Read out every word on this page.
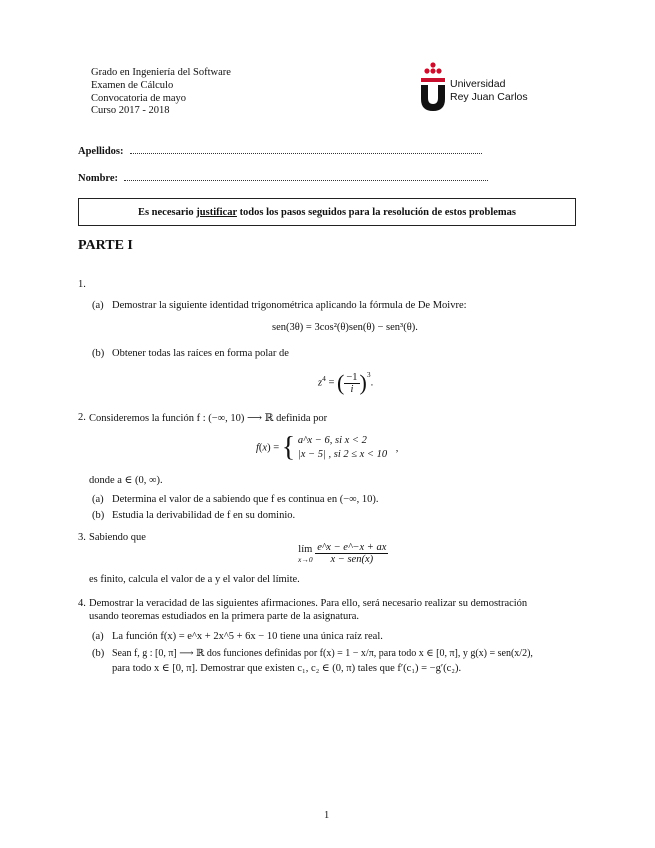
Grado en Ingeniería del Software
Examen de Cálculo
Convocatoria de mayo
Curso 2017 - 2018
Universidad
Rey Juan Carlos
Apellidos:
Nombre:
Es necesario justificar todos los pasos seguidos para la resolución de estos problemas
PARTE I
1.
(a) Demostrar la siguiente identidad trigonométrica aplicando la fórmula de De Moivre:
sen(3θ) = 3cos²(θ)sen(θ) − sen³(θ).
(b) Obtener todas las raíces en forma polar de
$z^4$ = ( $\frac{-1}{i} )^3$.
2. Consideremos la función f : (−∞, 10) ⟶ ℝ definida por
f(x) = { a^x − 6, si x < 2
|x − 5| , si 2 ≤ x < 10
,
donde a ∈ (0, ∞).
(a) Determina el valor de a sabiendo que f es continua en (−∞, 10).
(b) Estudia la derivabilidad de f en su dominio.
3. Sabiendo que
lím
x→0
$\frac{e\^{}x - e\^{}-x + ax}{\text{x − sen(x)}}$
es finito, calcula el valor de a y el valor del límite.
4. Demostrar la veracidad de las siguientes afirmaciones. Para ello, será necesario realizar su demostración
usando teoremas estudiados en la primera parte de la asignatura.
(a) La función f(x) = e^x + 2x^5 + 6x − 10 tiene una única raíz real.
(b) Sean f, g : [0, π] ⟶ ℝ dos funciones definidas por f(x) = 1 − x/π, para todo x ∈ [0, π], y g(x) = sen(x/2),
para todo x ∈ [0, π]. Demostrar que existen c₁, c₂ ∈ (0, π) tales que f′(c₁) = −g′(c₂).
1
